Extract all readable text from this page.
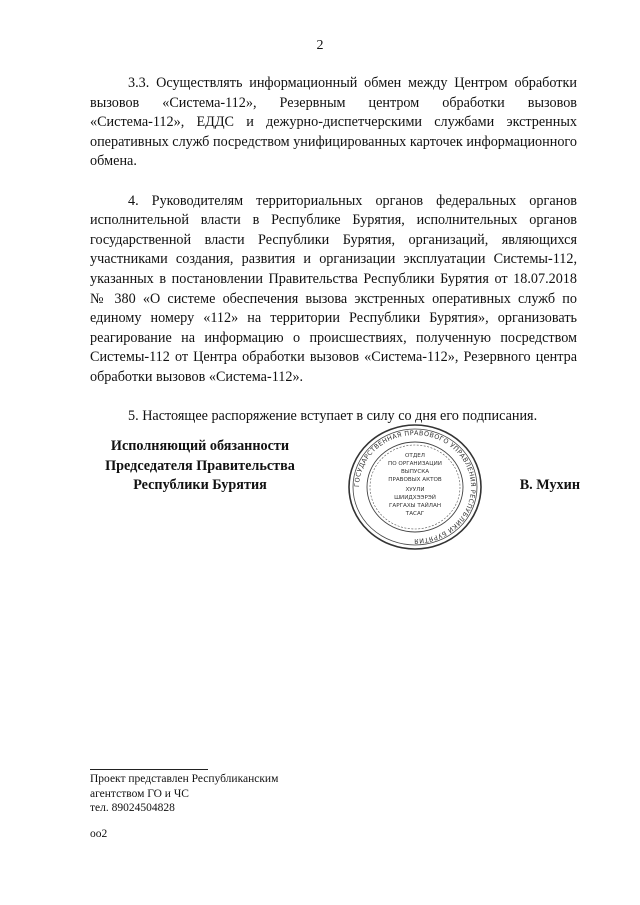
2

3.3. Осуществлять информационный обмен между Центром обработки вызовов «Система-112», Резервным центром обработки вызовов «Система-112», ЕДДС и дежурно-диспетчерскими службами экстренных оперативных служб посредством унифицированных карточек информационного обмена.

4. Руководителям территориальных органов федеральных органов исполнительной власти в Республике Бурятия, исполнительных органов государственной власти Республики Бурятия, организаций, являющихся участниками создания, развития и организации эксплуатации Системы-112, указанных в постановлении Правительства Республики Бурятия от 18.07.2018 № 380 «О системе обеспечения вызова экстренных оперативных служб по единому номеру «112» на территории Республики Бурятия», организовать реагирование на информацию о происшествиях, полученную посредством Системы-112 от Центра обработки вызовов «Система-112», Резервного центра обработки вызовов «Система-112».

5. Настоящее распоряжение вступает в силу со дня его подписания.

Исполняющий обязанности
Председателя Правительства
Республики Бурятия	ГОСУДАРСТВЕННАЯ ПРАВОВОГО УПРАВЛЕНИЯ РЕСПУБЛИКИ БУРЯТИЯ
ОТДЕЛ
ПО ОРГАНИЗАЦИИ
ВЫПУСКА
ПРАВОВЫХ АКТОВ
ХУУЛИ
ШИИДХЭЭРЭЙ
ГАРГАХЫ ТАЙЛАН
ТАСАГ
В. Мухин
Проект представлен Республиканским
агентством ГО и ЧС
тел. 89024504828
оо2
